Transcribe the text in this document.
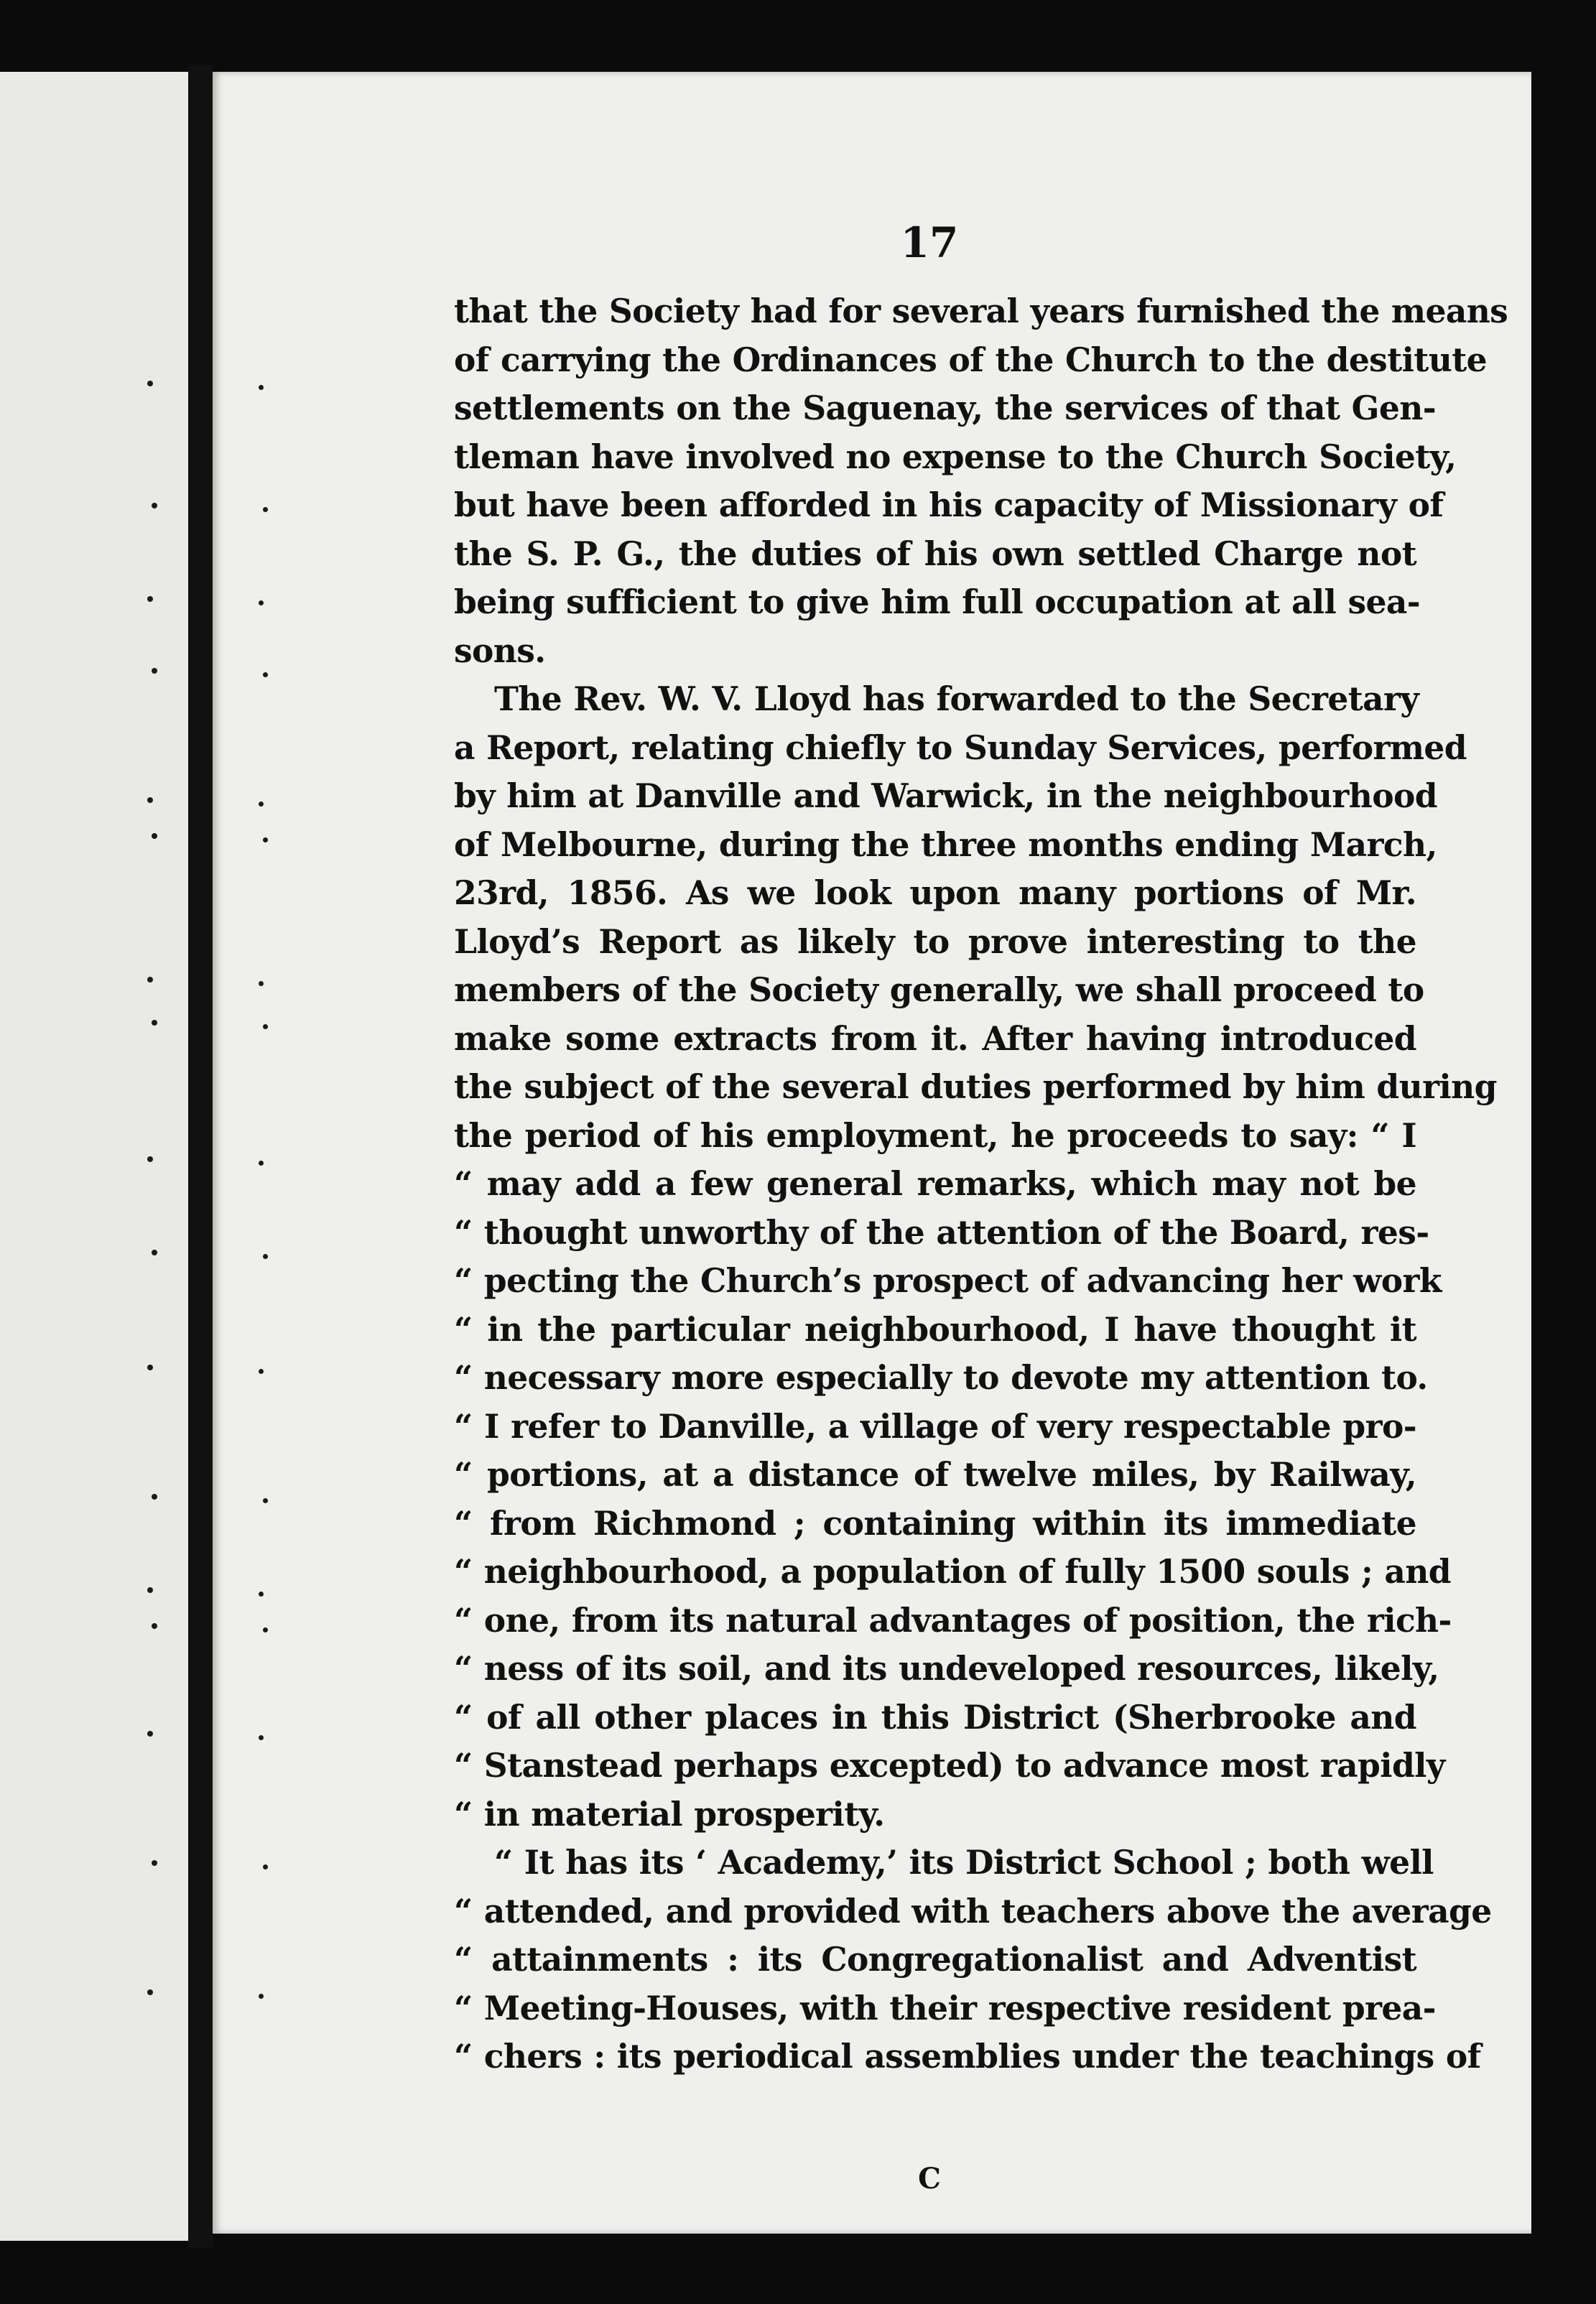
17
that the Society had for several years furnished the means
of carrying the Ordinances of the Church to the destitute
settlements on the Saguenay, the services of that Gen-
tleman have involved no expense to the Church Society,
but have been afforded in his capacity of Missionary of
the S. P. G., the duties of his own settled Charge not
being sufficient to give him full occupation at all sea-
sons.
The Rev. W. V. Lloyd has forwarded to the Secretary
a Report, relating chiefly to Sunday Services, performed
by him at Danville and Warwick, in the neighbourhood
of Melbourne, during the three months ending March,
23rd, 1856. As we look upon many portions of Mr.
Lloyd’s Report as likely to prove interesting to the
members of the Society generally, we shall proceed to
make some extracts from it. After having introduced
the subject of the several duties performed by him during
the period of his employment, he proceeds to say: “ I
“ may add a few general remarks, which may not be
“ thought unworthy of the attention of the Board, res-
“ pecting the Church’s prospect of advancing her work
“ in the particular neighbourhood, I have thought it
“ necessary more especially to devote my attention to.
“ I refer to Danville, a village of very respectable pro-
“ portions, at a distance of twelve miles, by Railway,
“ from Richmond ; containing within its immediate
“ neighbourhood, a population of fully 1500 souls ; and
“ one, from its natural advantages of position, the rich-
“ ness of its soil, and its undeveloped resources, likely,
“ of all other places in this District (Sherbrooke and
“ Stanstead perhaps excepted) to advance most rapidly
“ in material prosperity.
“ It has its ‘ Academy,’ its District School ; both well
“ attended, and provided with teachers above the average
“ attainments : its Congregationalist and Adventist
“ Meeting-Houses, with their respective resident prea-
“ chers : its periodical assemblies under the teachings of
C
